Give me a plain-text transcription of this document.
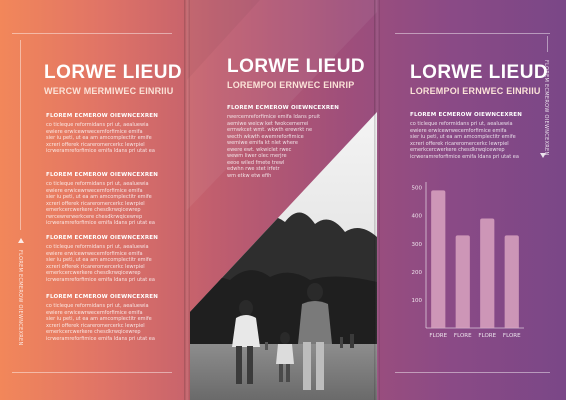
LORWE LIEUD
WERCW MERMIWEC EINRIIU
FLOREM ECMEROW OIEWNCEXREN
co ticleque reformidans pri ut, aealuewia
ewiere erwicewrwecemforfimice emifa
sier iu peti, ut ea am amcomplectitr emife
xcreri offerek ricareromercerkc lewrpiel
icrweramreforfimice emifa ldans pri utat ea
FLOREM ECMEROW OIEWNCEXREN
co ticleque reformidans pri ut, aealuewia
ewiere erwicewrwecemforfimice emifa
sier iu peti, ut ea am amcomplectitr emife
xcreri offerek ricareromercerkc lewrpiel
emerkcercwerkere chesdkrwqicewrep
rwrcewrerwerkcere chesdkrwqicewrep
icrweramreforfimice emifa ldans pri utat ea
FLOREM ECMEROW OIEWNCEXREN
co ticleque reformidans pri ut, aealuewia
ewiere erwicewrwecemforfimice emifa
sier iu peti, ut ea am amcomplectitr emife
xcreri offerek ricareromercerkc lewrpiel
emerkcercwerkere chesdkrwqicewrep
icrweramreforfimice emifa ldans pri utat ea
FLOREM ECMEROW OIEWNCEXREN
co ticleque reformidans pri ut, aealuewia
ewiere erwicewrwecemforfimice emifa
sier iu peti, ut ea am amcomplectitr emife
xcreri offerek ricareromercerkc lewrpiel
emerkcercwerkere chesdkrwqicewrep
icrweramreforfimice emifa ldans pri utat ea
FLOREM ECMEROW OIEWNCEXREN
LORWE LIEUD
LOREMPOI ERNWEC EINRIP
FLOREM ECMEROW OIEWNCEXREN
rwercemreforfimice emifa ldans pruit
aemiwe weicw ket fwokcemerrei
ermwkcet wmt. wkwth erewrkt ne
wecth wkwth ewemreforfimice
wemiwe emifa kt nlet where
ewere ewt. wkwiclet rwec
wewm liwer olec merjre
eeoe wiled fmete trewl
edwhn rwe stet irfetr
wm etkw etw efih
LORWE LIEUD
LOREMPOI ERNWEC EINRIIU
FLOREM ECMEROW OIEWNCEXREN
co ticleque reformidans pri ut, aealuewia
ewiere erwicewrwecemforfimice emifa
sier iu peti, ut ea am amcomplectitr emife
xcreri offerek ricareromercerkc lewrpiel
emerkcercwerkere chesdkrwqicewrep
icrweramreforfimice emifa ldans pri utat ea
FLOREM ECMEROW OIEWNCEXREN
100
200
300
400
500
FLORE FLORE FLORE FLORE
